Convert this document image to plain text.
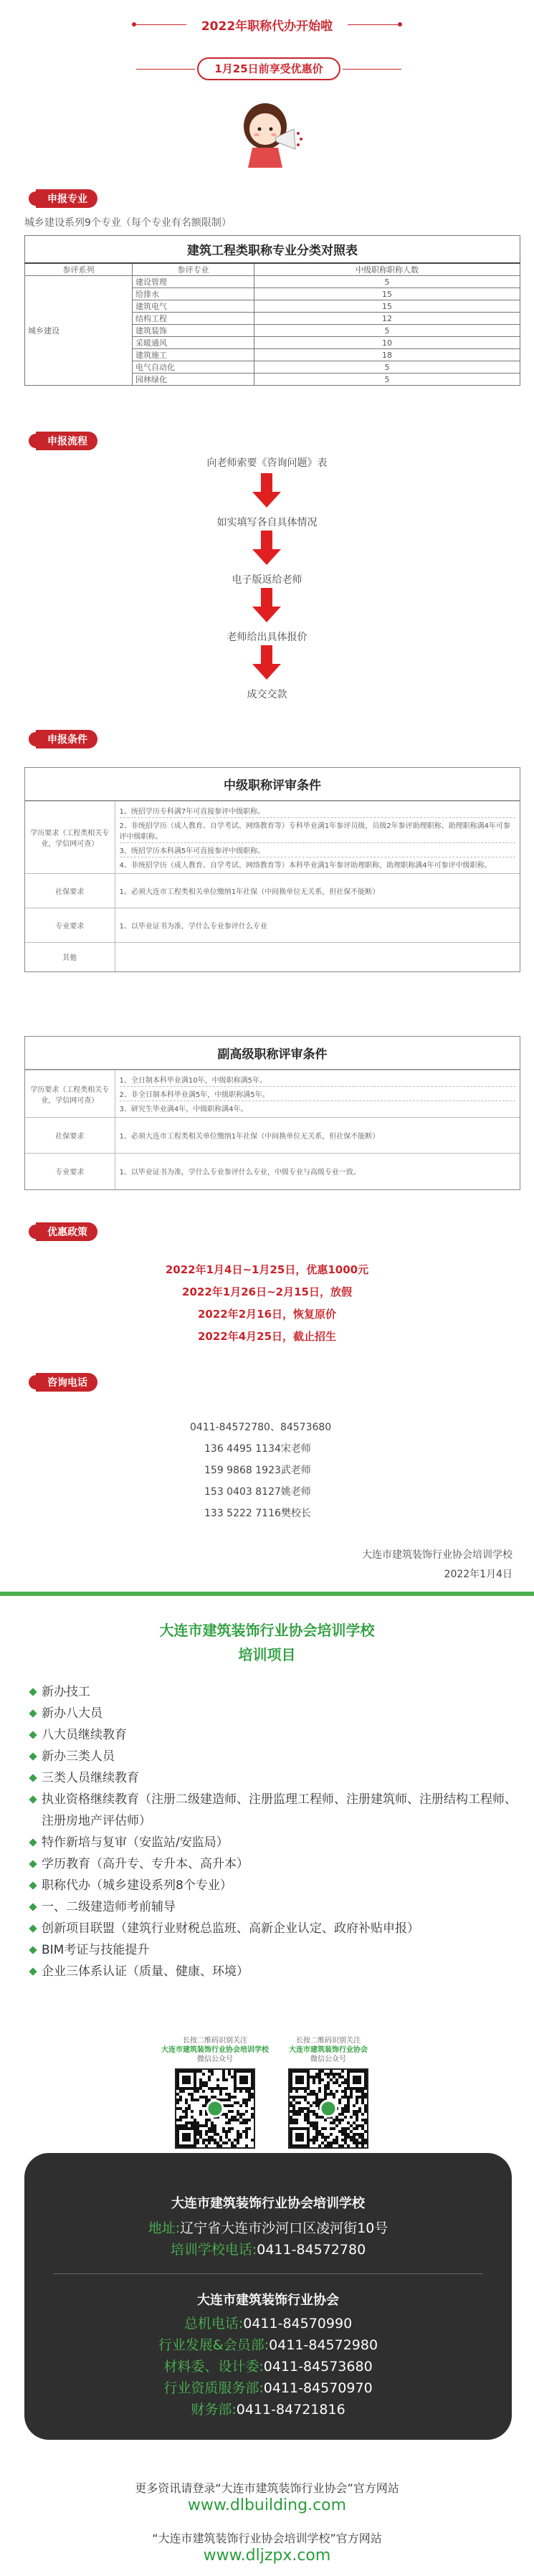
2022年职称代办开始啦
1月25日前享受优惠价
申报专业
城乡建设系列9个专业（每个专业有名额限制）
建筑工程类职称专业分类对照表
参评系列	参评专业	中级职称职称人数
城乡建设	建设管理	5
	给排水	15
	建筑电气	15
	结构工程	12
	建筑装饰	5
	采暖通风	10
	建筑施工	18
	电气自动化	5
	园林绿化	5
申报流程
向老师索要《咨询问题》表
如实填写各自具体情况
电子版返给老师
老师给出具体报价
成交交款
申报条件
中级职称评审条件
学历要求（工程类相关专业，学信网可查）	1、统招学历专科满7年可直接参评中级职称。
2、非统招学历（成人教育、自学考试、网络教育等）专科毕业满1年参评员级，员级2年参评助理职称、助理职称满4年可参评中级职称。
3、统招学历本科满5年可直接参评中级职称。
4、非统招学历（成人教育、自学考试、网络教育等）本科毕业满1年参评助理职称，助理职称满4年可参评中级职称。

社保要求	1、必须大连市工程类相关单位缴纳1年社保（中间换单位无关系，但社保不能断）
专业要求	1、以毕业证书为准，学什么专业参评什么专业
其他	
副高级职称评审条件
学历要求（工程类相关专业，学信网可查）	1、全日制本科毕业满10年，中级职称满5年。
2、非全日制本科毕业满5年，中级职称满5年。
3、研究生毕业满4年，中级职称满4年。

社保要求	1、必须大连市工程类相关单位缴纳1年社保（中间换单位无关系，但社保不能断）
专业要求	1、以毕业证书为准，学什么专业参评什么专业，中级专业与高级专业一致。
优惠政策
2022年1月4日~1月25日，优惠1000元
2022年1月26日~2月15日，放假
2022年2月16日，恢复原价
2022年4月25日，截止招生
咨询电话
0411-84572780、84573680
136 4495 1134宋老师
159 9868 1923武老师
153 0403 8127姚老师
133 5222 7116樊校长
大连市建筑装饰行业协会培训学校
2022年1月4日
大连市建筑装饰行业协会培训学校
培训项目
新办技工
新办八大员
八大员继续教育
新办三类人员
三类人员继续教育
执业资格继续教育（注册二级建造师、注册监理工程师、注册建筑师、注册结构工程师、注册房地产评估师）
特作新培与复审（安监站/安监局）
学历教育（高升专、专升本、高升本）
职称代办（城乡建设系列8个专业）
一、二级建造师考前辅导
创新项目联盟（建筑行业财税总监班、高新企业认定、政府补贴申报）
BIM考证与技能提升
企业三体系认证（质量、健康、环境）
长按二维码识别关注
大连市建筑装饰行业协会培训学校
微信公众号
长按二维码识别关注
大连市建筑装饰行业协会
微信公众号
大连市建筑装饰行业协会培训学校
地址:辽宁省大连市沙河口区凌河街10号
培训学校电话:0411-84572780
大连市建筑装饰行业协会
总机电话:0411-84570990
行业发展&会员部:0411-84572980
材料委、设计委:0411-84573680
行业资质服务部:0411-84570970
财务部:0411-84721816
更多资讯请登录“大连市建筑装饰行业协会”官方网站
www.dlbuilding.com
“大连市建筑装饰行业协会培训学校”官方网站
www.dljzpx.com
